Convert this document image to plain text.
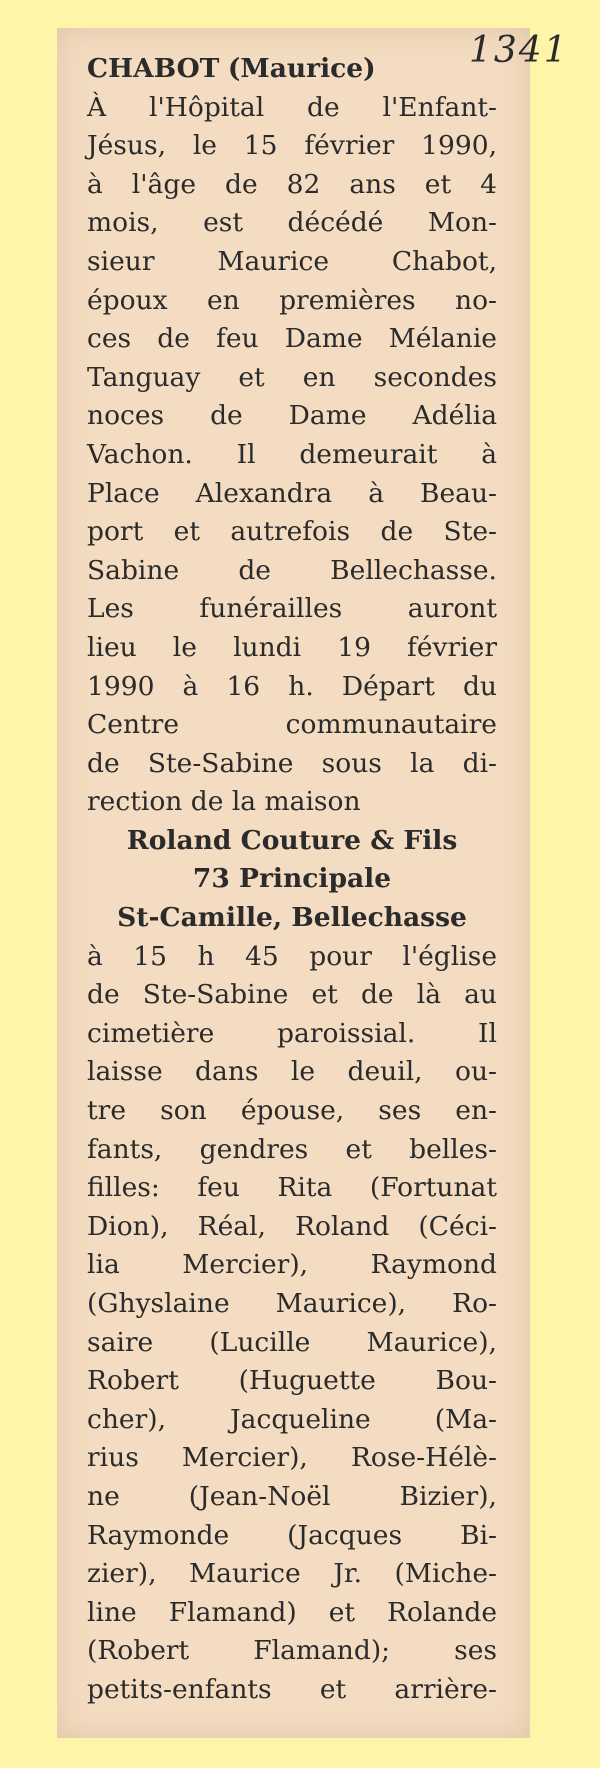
1341
CHABOT (Maurice)
À l'Hôpital de l'Enfant-
Jésus, le 15 février 1990,
à l'âge de 82 ans et 4
mois, est décédé Mon-
sieur Maurice Chabot,
époux en premières no-
ces de feu Dame Mélanie
Tanguay et en secondes
noces de Dame Adélia
Vachon. Il demeurait à
Place Alexandra à Beau-
port et autrefois de Ste-
Sabine de Bellechasse.
Les funérailles auront
lieu le lundi 19 février
1990 à 16 h. Départ du
Centre communautaire
de Ste-Sabine sous la di-
rection de la maison
Roland Couture & Fils
73 Principale
St-Camille, Bellechasse
à 15 h 45 pour l'église
de Ste-Sabine et de là au
cimetière paroissial. Il
laisse dans le deuil, ou-
tre son épouse, ses en-
fants, gendres et belles-
filles: feu Rita (Fortunat
Dion), Réal, Roland (Céci-
lia Mercier), Raymond
(Ghyslaine Maurice), Ro-
saire (Lucille Maurice),
Robert (Huguette Bou-
cher), Jacqueline (Ma-
rius Mercier), Rose-Hélè-
ne (Jean-Noël Bizier),
Raymonde (Jacques Bi-
zier), Maurice Jr. (Miche-
line Flamand) et Rolande
(Robert Flamand); ses
petits-enfants et arrière-
